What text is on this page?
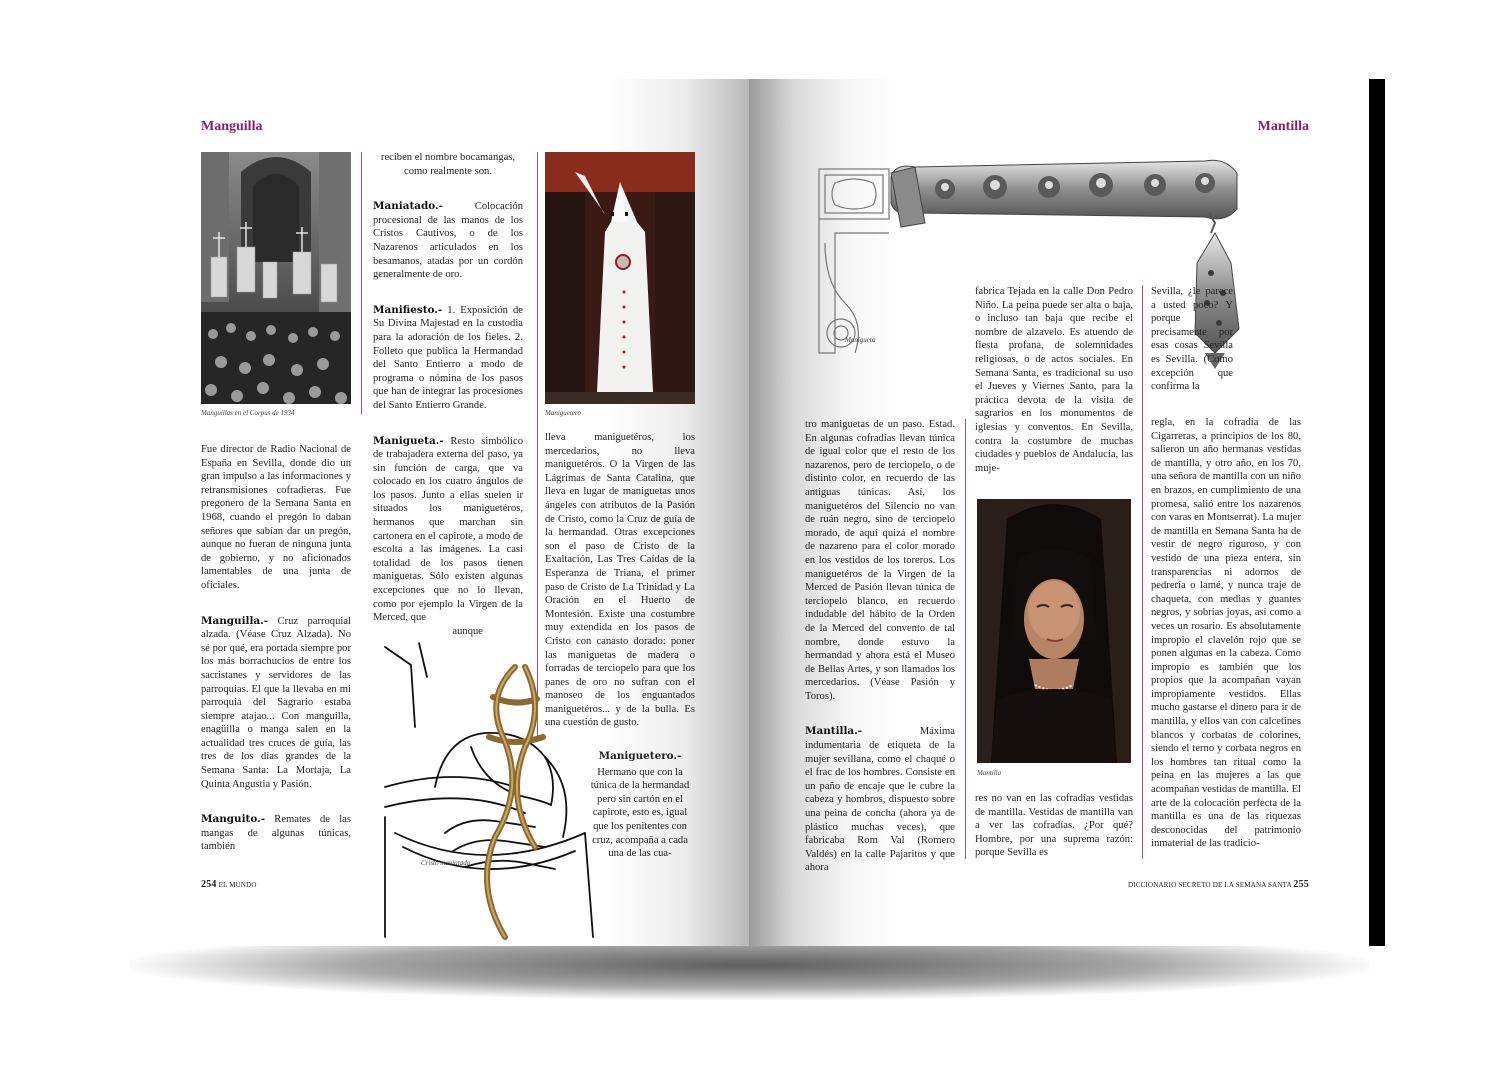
Manguilla
Manguillas en el Corpus de 1934

Fue director de Radio Nacional de España en Sevilla, donde dio un gran impulso a las informaciones y retransmisiones cofradieras. Fue pregonero de la Semana Santa en 1968, cuando el pregón lo daban señores que sabían dar un pregón, aunque no fueran de ninguna junta de gobierno, y no aficionados lamentables de una junta de oficiales.

Manguilla.- Cruz parroquial alzada. (Véase Cruz Alzada). No sé por qué, era portada siempre por los más borrachucios de entre los sacristanes y servidores de las parroquias. El que la llevaba en mi parroquia del Sagrario estaba siempre atajao... Con manguilla, enagüilla o manga salen en la actualidad tres cruces de guía, las tres de los días grandes de la Semana Santa: La Mortaja, La Quinta Angustia y Pasión.

Manguito.- Remates de las mangas de algunas túnicas, también

reciben el nombre bocamangas, como realmente son.

Maniatado.-	Colocación procesional de las manos de los Cristos Cautivos, o de los Nazarenos articulados en los besamanos, atadas por un cordón generalmente de oro.

Manifiesto.- 1. Exposición de Su Divina Majestad en la custodia para la adoración de los fieles. 2. Folleto que publica la Hermandad del Santo Entierro a modo de programa o nómina de los pasos que han de integrar las procesiones del Santo Entierro Grande.

Manigueta.- Resto simbólico de trabajadera externa del paso, ya sin función de carga, que va colocado en los cuatro ángulos de los pasos. Junto a ellas suelen ir situados los maniguetéros, hermanos que marchan sin cartonera en el capirote, a modo de escolta a las imágenes. La casi totalidad de los pasos tienen maniguetas. Sólo existen algunas excepciones que no lo llevan, como por ejemplo la Virgen de la Merced, que

aunque

Maniguetero

lleva maniguetéros, los mercedarios, no lleva maniguetéros. O la Virgen de las Lágrimas de Santa Catalina, que lleva en lugar de maniguetas unos ángeles con atributos de la Pasión de Cristo, como la Cruz de guía de la hermandad. Otras excepciones son el paso de Cristo de la Exaltación, Las Tres Caídas de la Esperanza de Triana, el primer paso de Cristo de La Trinidad y La Oración en el Huerto de Montesión. Existe una costumbre muy extendida en los pasos de Cristo con canasto dorado: poner las maniguetas de madera o forradas de terciopelo para que los panes de oro no sufran con el manoseo de los enguantados maniguetéros... y de la bulla. Es una cuestión de gusto.

Maniguetero.-

Hermano que con la túnica de la hermandad pero sin cartón en el capirote, esto es, igual que los penitentes con cruz, acompaña a cada una de las cua-

Cristo maniatado
254 EL MUNDO
Mantilla
Manigueta

tro maniguetas de un paso. Estad. En algunas cofradías llevan túnica de igual color que el resto de los nazarenos, pero de terciopelo, o de distinto color, en recuerdo de las antiguas túnicas. Así, los maniguetéros del Silencio no van de ruán negro, sino de terciopelo morado, de aquí quizá el nombre de nazareno para el color morado en los vestidos de los toreros. Los maniguetéros de la Virgen de la Merced de Pasión llevan túnica de terciopelo blanco, en recuerdo indudable del hábito de la Orden de la Merced del convento de tal nombre, donde estuvo la hermandad y ahora está el Museo de Bellas Artes, y son llamados los mercedarios. (Véase Pasión y Toros).

Mantilla.-	Máxima indumentaria de etiqueta de la mujer sevillana, como el chaqué o el frac de los hombres. Consiste en un paño de encaje que le cubre la cabeza y hombros, dispuesto sobre una peina de concha (ahora ya de plástico muchas veces), que fabricaba Rom Val (Romero Valdés) en la calle Pajaritos y que ahora

fabrica Tejada en la calle Don Pedro Niño. La peina puede ser alta o baja, o incluso tan baja que recibe el nombre de alzavelo. Es atuendo de fiesta profana, de solemnidades religiosas, o de actos sociales. En Semana Santa, es tradicional su uso el Jueves y Viernes Santo, para la práctica devota de la visita de sagrarios en los monumentos de iglesias y conventos. En Sevilla, contra la costumbre de muchas ciudades y pueblos de Andalucía, las muje-

Mantilla

res no van en las cofradías vestidas de mantilla. Vestidas de mantilla van a ver las cofradías. ¿Por qué? Hombre, por una suprema razón: porque Sevilla es

Sevilla, ¿le parece a usted poco? Y porque precisamente por esas cosas Sevilla es Sevilla. (Como excepción que confirma la

regla, en la cofradía de las Cigarreras, a principios de los 80, salieron un año hermanas vestidas de mantilla, y otro año, en los 70, una señora de mantilla con un niño en brazos, en cumplimiento de una promesa, salió entre los nazarenos con varas en Montserrat). La mujer de mantilla en Semana Santa ha de vestir de negro riguroso, y con vestido de una pieza entera, sin transparencias ni adornos de pedrería o lamé, y nunca traje de chaqueta, con medias y guantes negros, y sobrias joyas, así como a veces un rosario. Es absolutamente impropio el clavelón rojo que se ponen algunas en la cabeza. Como impropio es también que los propios que la acompañan vayan impropiamente vestidos. Ellas mucho gastarse el dinero para ir de mantilla, y ellos van con calcetines blancos y corbatas de colorines, siendo el terno y corbata negros en los hombres tan ritual como la peina en las mujeres a las que acompañan vestidas de mantilla. El arte de la colocación perfecta de la mantilla es una de las riquezas desconocidas del patrimonio inmaterial de las tradicio-

DICCIONARIO SECRETO DE LA SEMANA SANTA 255
